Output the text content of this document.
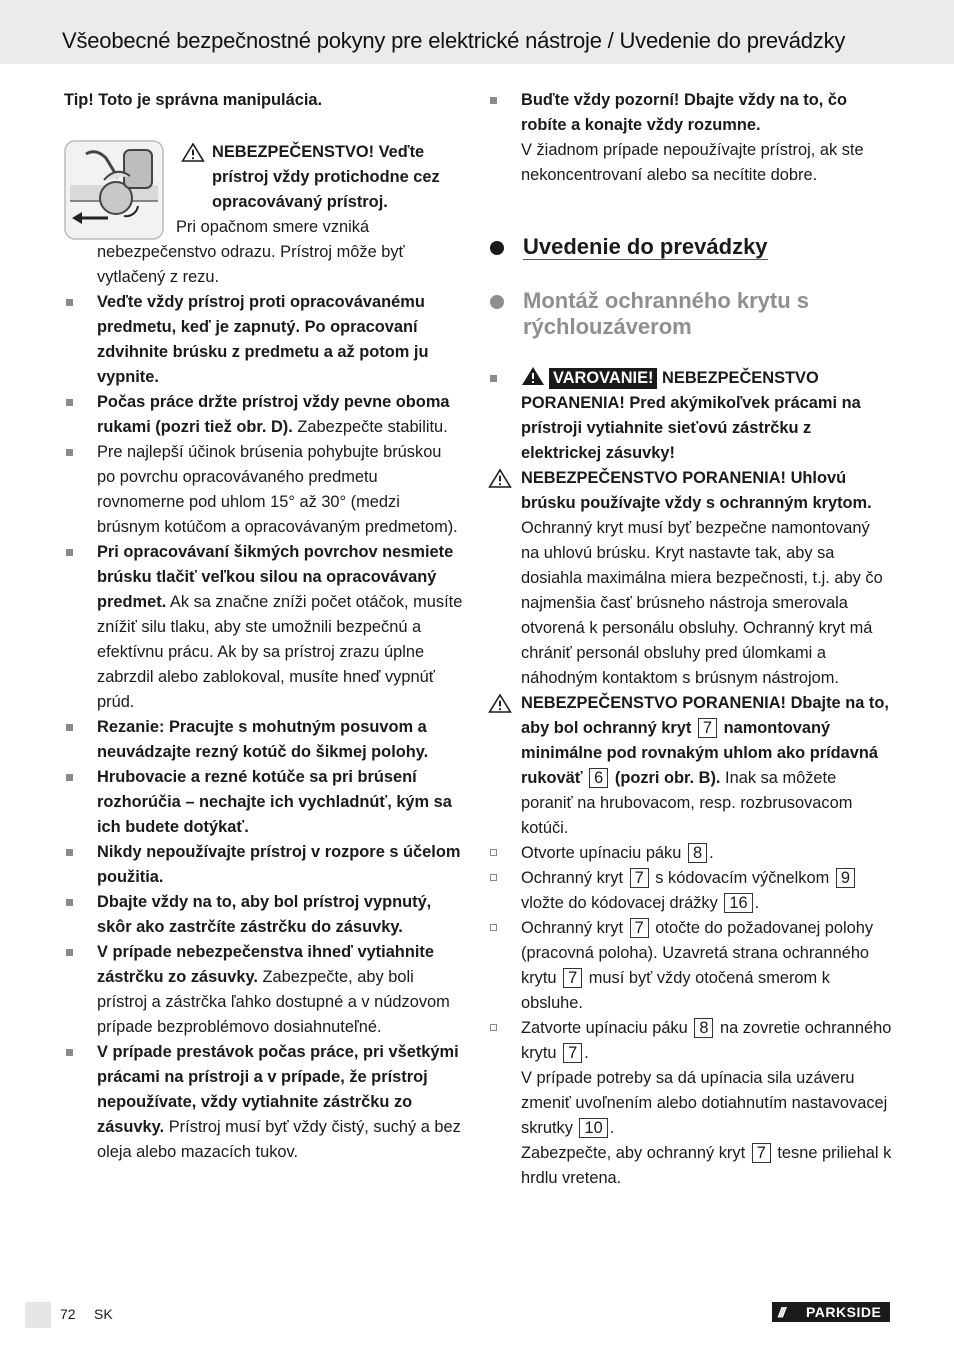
Všeobecné bezpečnostné pokyny pre elektrické nástroje / Uvedenie do prevádzky

Tip! Toto je správna manipulácia.

NEBEZPEČENSTVO! Veďte prístroj vždy protichodne cez opracovávaný prístroj.

Pri opačnom smere vzniká nebezpečenstvo odrazu. Prístroj môže byť vytlačený z rezu.

Veďte vždy prístroj proti opracovávanému predmetu, keď je zapnutý. Po opracovaní zdvihnite brúsku z predmetu a až potom ju vypnite.

Počas práce držte prístroj vždy pevne oboma rukami (pozri tiež obr. D). Zabezpečte stabilitu.

Pre najlepší účinok brúsenia pohybujte brúskou po povrchu opracovávaného predmetu rovnomerne pod uhlom 15° až 30° (medzi brúsnym kotúčom a opracovávaným predmetom).

Pri opracovávaní šikmých povrchov nesmiete brúsku tlačiť veľkou silou na opracovávaný predmet. Ak sa značne zníži počet otáčok, musíte znížiť silu tlaku, aby ste umožnili bezpečnú a efektívnu prácu. Ak by sa prístroj zrazu úplne zabrzdil alebo zablokoval, musíte hneď vypnúť prúd.

Rezanie: Pracujte s mohutným posuvom a neuvádzajte rezný kotúč do šikmej polohy.

Hrubovacie a rezné kotúče sa pri brúsení rozhorúčia – nechajte ich vychladnúť, kým sa ich budete dotýkať.

Nikdy nepoužívajte prístroj v rozpore s účelom použitia.

Dbajte vždy na to, aby bol prístroj vypnutý, skôr ako zastrčíte zástrčku do zásuvky.

V prípade nebezpečenstva ihneď vytiahnite zástrčku zo zásuvky. Zabezpečte, aby boli prístroj a zástrčka ľahko dostupné a v núdzovom prípade bezproblémovo dosiahnuteľné.

V prípade prestávok počas práce, pri všetkými prácami na prístroji a v prípade, že prístroj nepoužívate, vždy vytiahnite zástrčku zo zásuvky. Prístroj musí byť vždy čistý, suchý a bez oleja alebo mazacích tukov.

Buďte vždy pozorní! Dbajte vždy na to, čo robíte a konajte vždy rozumne.

V žiadnom prípade nepoužívajte prístroj, ak ste nekoncentrovaní alebo sa necítite dobre.

Uvedenie do prevádzky
Montáž ochranného krytu s rýchlouzáverom

VAROVANIE! NEBEZPEČENSTVO PORANENIA! Pred akýmikoľvek prácami na prístroji vytiahnite sieťovú zástrčku z elektrickej zásuvky!

NEBEZPEČENSTVO PORANENIA! Uhlovú brúsku používajte vždy s ochranným krytom. Ochranný kryt musí byť bezpečne namontovaný na uhlovú brúsku. Kryt nastavte tak, aby sa dosiahla maximálna miera bezpečnosti, t.j. aby čo najmenšia časť brúsneho nástroja smerovala otvorená k personálu obsluhy. Ochranný kryt má chrániť personál obsluhy pred úlomkami a náhodným kontaktom s brúsnym nástrojom.

NEBEZPEČENSTVO PORANENIA! Dbajte na to, aby bol ochranný kryt 7 namontovaný minimálne pod rovnakým uhlom ako prídavná rukoväť 6 (pozri obr. B). Inak sa môžete poraniť na hrubovacom, resp. rozbrusovacom kotúči.

Otvorte upínaciu páku 8 .

Ochranný kryt 7 s kódovacím výčnelkom 9 vložte do kódovacej drážky 16 .

Ochranný kryt 7 otočte do požadovanej polohy (pracovná poloha). Uzavretá strana ochranného krytu 7 musí byť vždy otočená smerom k obsluhe.

Zatvorte upínaciu páku 8 na zovretie ochranného krytu 7 .

V prípade potreby sa dá upínacia sila uzáveru zmeniť uvoľnením alebo dotiahnutím nastavovacej skrutky 10 .

Zabezpečte, aby ochranný kryt 7 tesne priliehal k hrdlu vretena.

72 SK	/// PARKSIDE
